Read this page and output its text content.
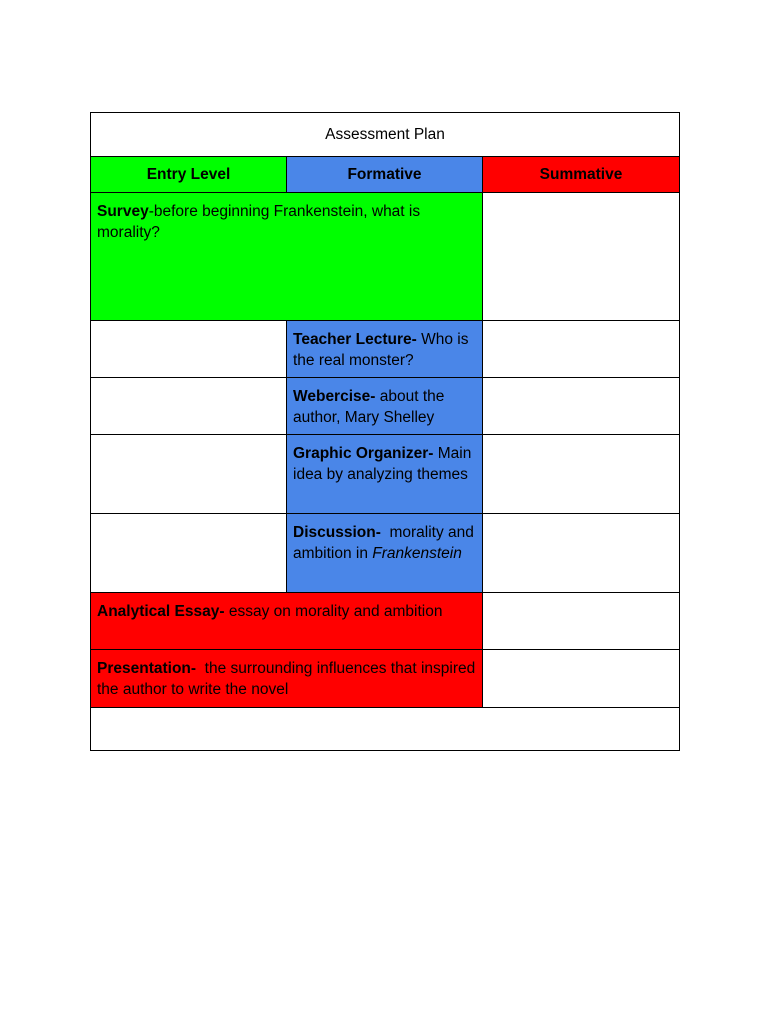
Assessment Plan		
Entry Level	Formative	Summative

Survey-before beginning Frankenstein, what is morality?		

	Teacher Lecture- Who is the real monster?	

	Webercise- about the author, Mary Shelley	

	Graphic Organizer- Main idea by analyzing themes	

	Discussion-  morality and ambition in Frankenstein	

Analytical Essay- essay on morality and ambition		

Presentation-  the surrounding influences that inspired the author to write the novel		
